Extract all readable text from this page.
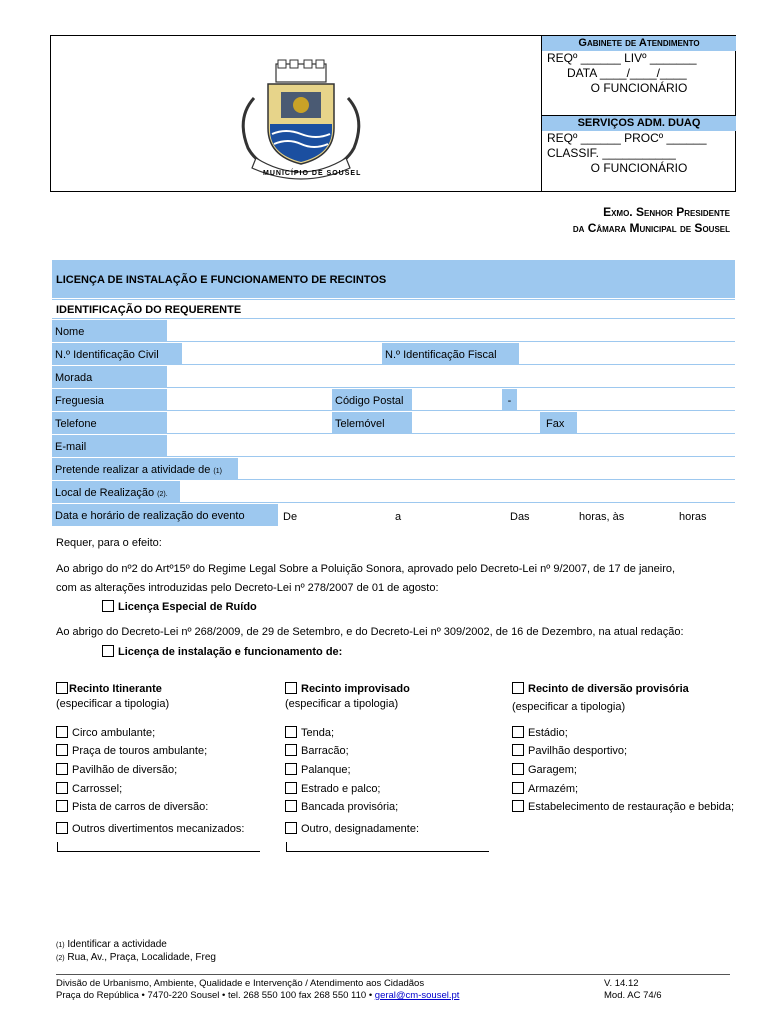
MUNICÍPIO DE SOUSEL
Gabinete de Atendimento
REQº ______ LIVº _______
DATA ____/____/____
O FUNCIONÁRIO
SERVIÇOS ADM. DUAQ
REQº ______ PROCº ______
CLASSIF. ___________
O FUNCIONÁRIO
Exmo. Senhor Presidente
da Câmara Municipal de Sousel
LICENÇA DE INSTALAÇÃO E FUNCIONAMENTO DE RECINTOS
IDENTIFICAÇÃO DO REQUERENTE
Nome
N.º Identificação Civil	N.º Identificação Fiscal
Morada
Freguesia	Código Postal	-
Telefone	Telemóvel	Fax
E-mail
Pretende realizar a atividade de (1)
Local de Realização (2).
Data e horário de realização do evento	De	a	Das	horas, às	horas
Requer, para o efeito:
Ao abrigo do nº2 do Artº15º do Regime Legal Sobre a Poluição Sonora, aprovado pelo Decreto-Lei nº 9/2007, de 17 de janeiro,
com as alterações introduzidas pelo Decreto-Lei nº 278/2007 de 01 de agosto:
Licença Especial de Ruído
Ao abrigo do Decreto-Lei nº 268/2009, de 29 de Setembro, e do Decreto-Lei nº 309/2002, de 16 de Dezembro, na atual redação:
Licença de instalação e funcionamento de:
Recinto Itinerante
(especificar a tipologia)
Circo ambulante;
Praça de touros ambulante;
Pavilhão de diversão;
Carrossel;
Pista de carros de diversão:
Outros divertimentos mecanizados:
Recinto improvisado
(especificar a tipologia)
Tenda;
Barracão;
Palanque;
Estrado e palco;
Bancada provisória;
Outro, designadamente:
Recinto de diversão provisória
(especificar a tipologia)
Estádio;
Pavilhão desportivo;
Garagem;
Armazém;
Estabelecimento de restauração e bebida;
(1) Identificar a actividade
(2) Rua, Av., Praça, Localidade, Freg
Divisão de Urbanismo, Ambiente, Qualidade e Intervenção / Atendimento aos Cidadãos
Praça do República • 7470-220 Sousel • tel. 268 550 100 fax 268 550 110 • geral@cm-sousel.pt
V. 14.12
Mod. AC 74/6
